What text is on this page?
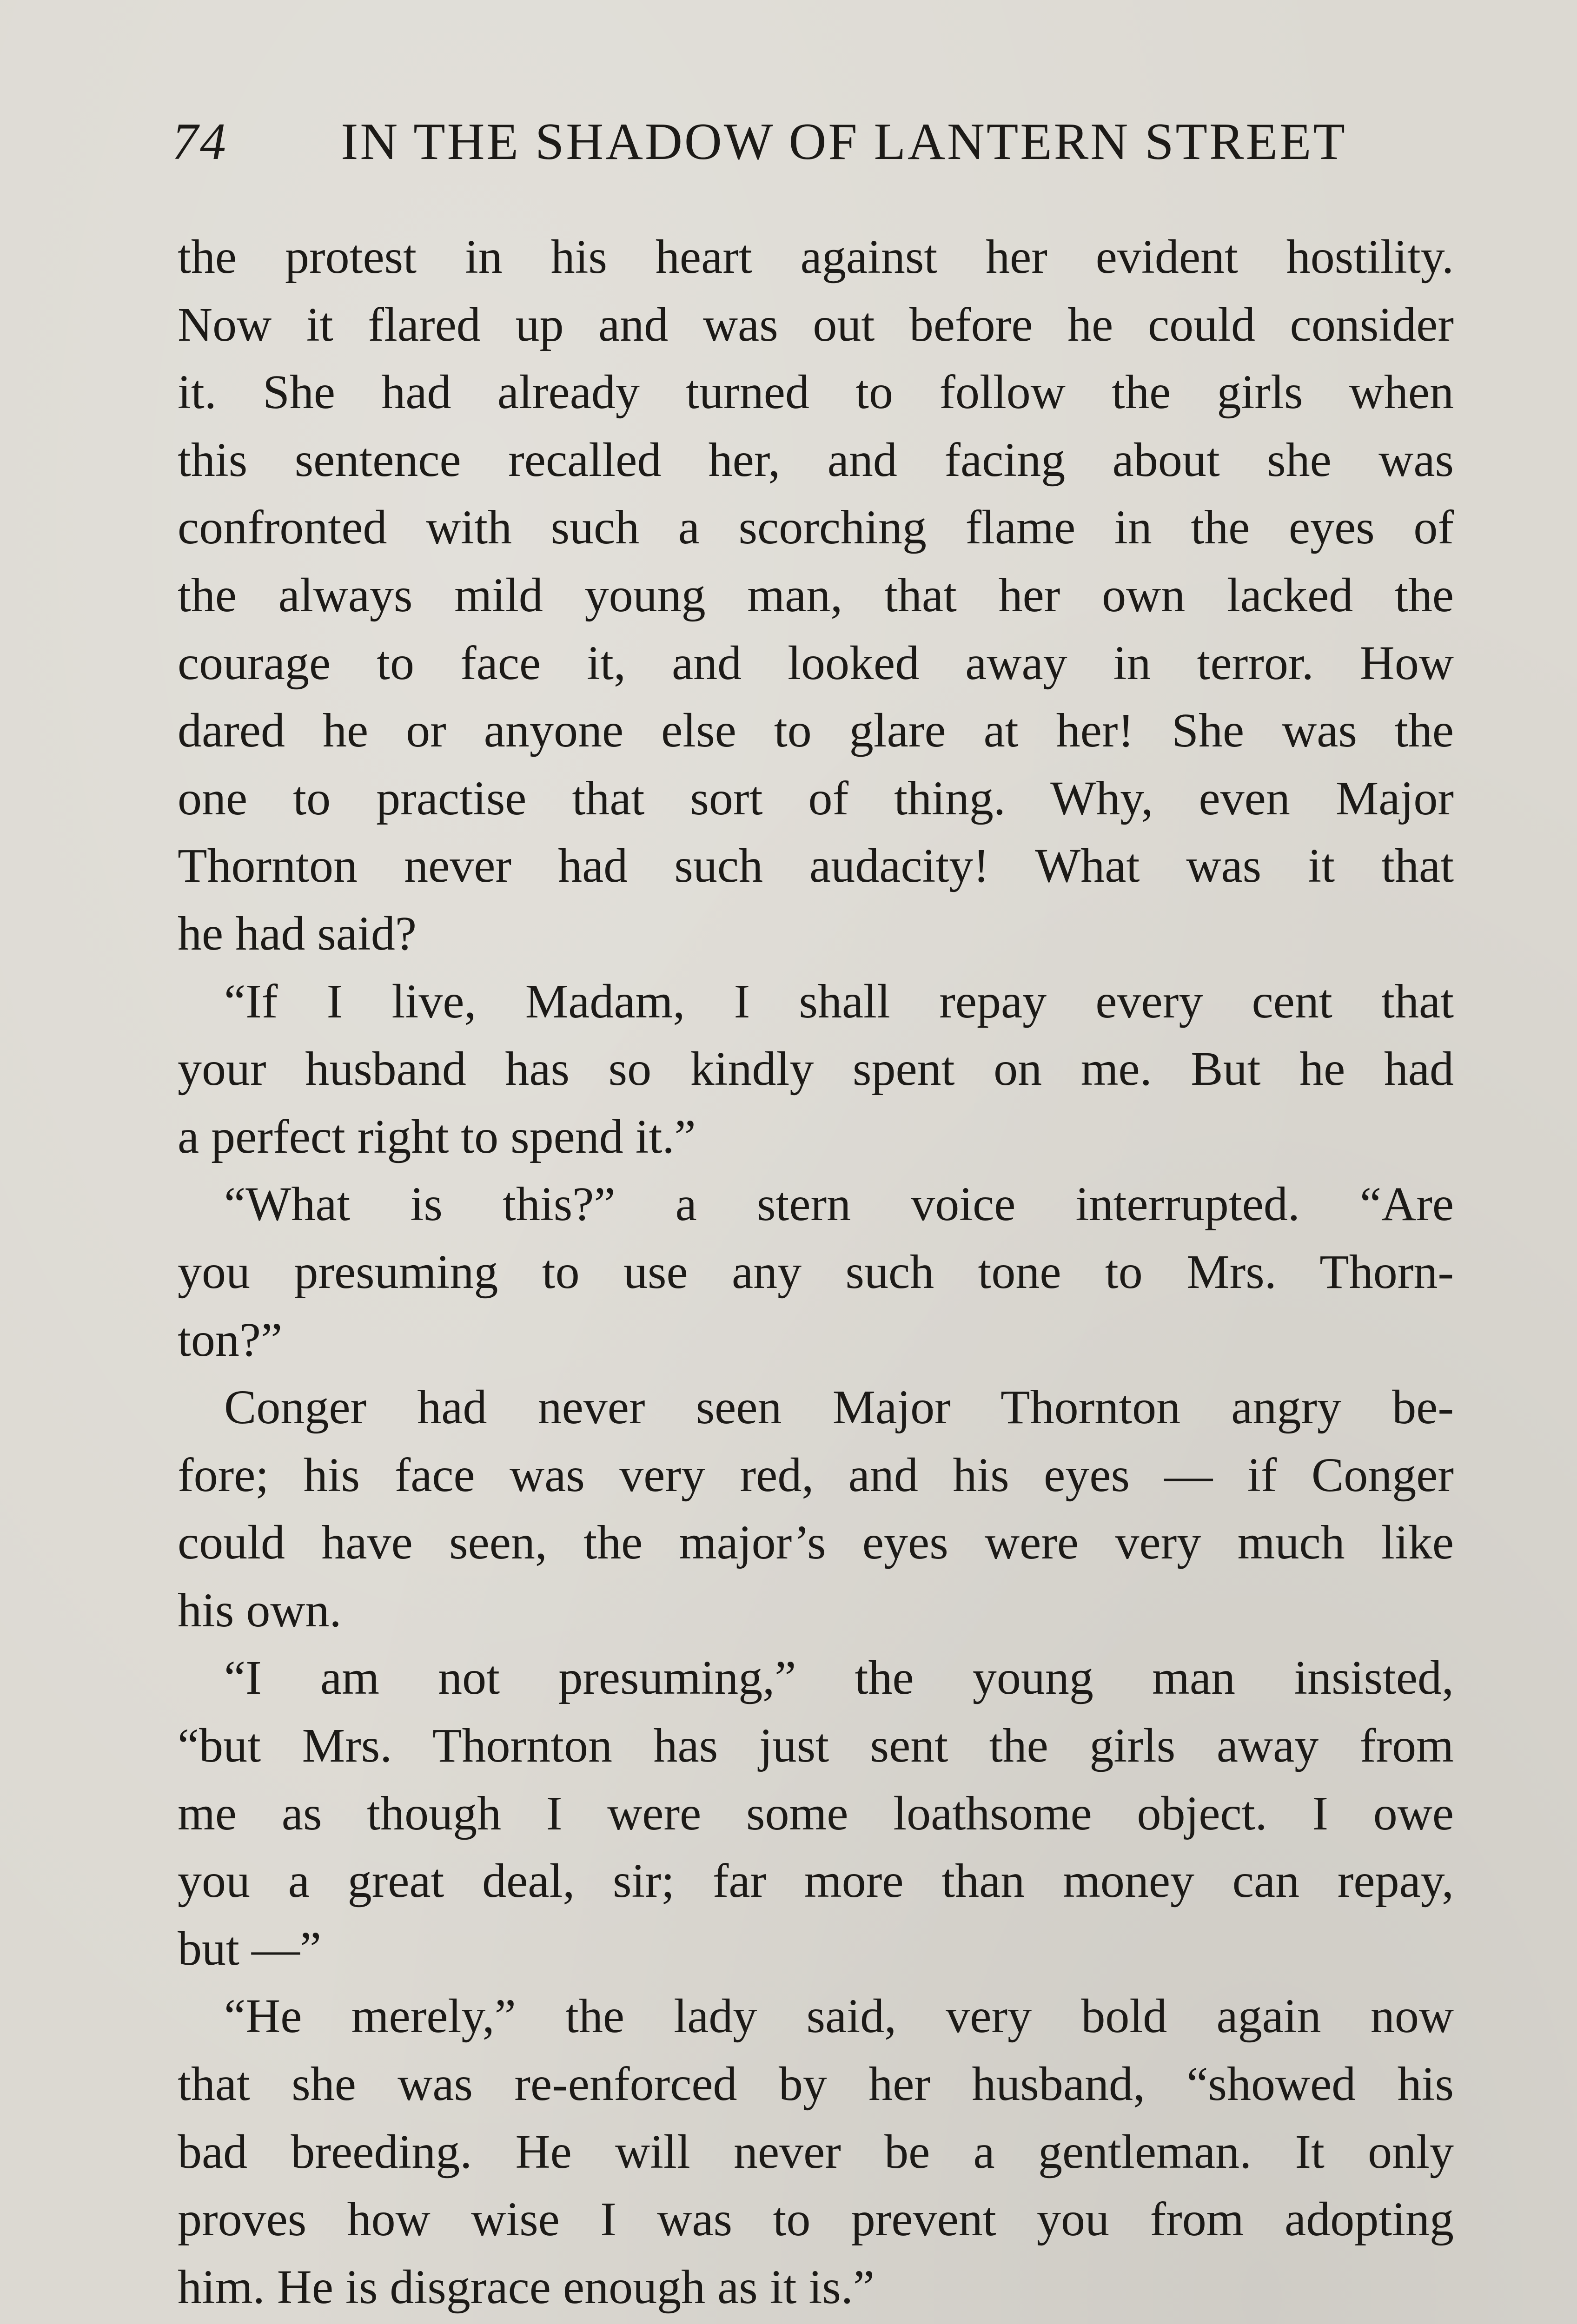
74	IN THE SHADOW OF LANTERN STREET
the protest in his heart against her evident hostility.
Now it flared up and was out before he could consider
it. She had already turned to follow the girls when
this sentence recalled her, and facing about she was
confronted with such a scorching flame in the eyes of
the always mild young man, that her own lacked the
courage to face it, and looked away in terror. How
dared he or anyone else to glare at her! She was the
one to practise that sort of thing. Why, even Major
Thornton never had such audacity! What was it that
he had said?
“If I live, Madam, I shall repay every cent that
your husband has so kindly spent on me. But he had
a perfect right to spend it.”
“What is this?” a stern voice interrupted. “Are
you presuming to use any such tone to Mrs. Thorn-
ton?”
Conger had never seen Major Thornton angry be-
fore; his face was very red, and his eyes — if Conger
could have seen, the major’s eyes were very much like
his own.
“I am not presuming,” the young man insisted,
“but Mrs. Thornton has just sent the girls away from
me as though I were some loathsome object. I owe
you a great deal, sir; far more than money can repay,
but —”
“He merely,” the lady said, very bold again now
that she was re-enforced by her husband, “showed his
bad breeding. He will never be a gentleman. It only
proves how wise I was to prevent you from adopting
him. He is disgrace enough as it is.”
